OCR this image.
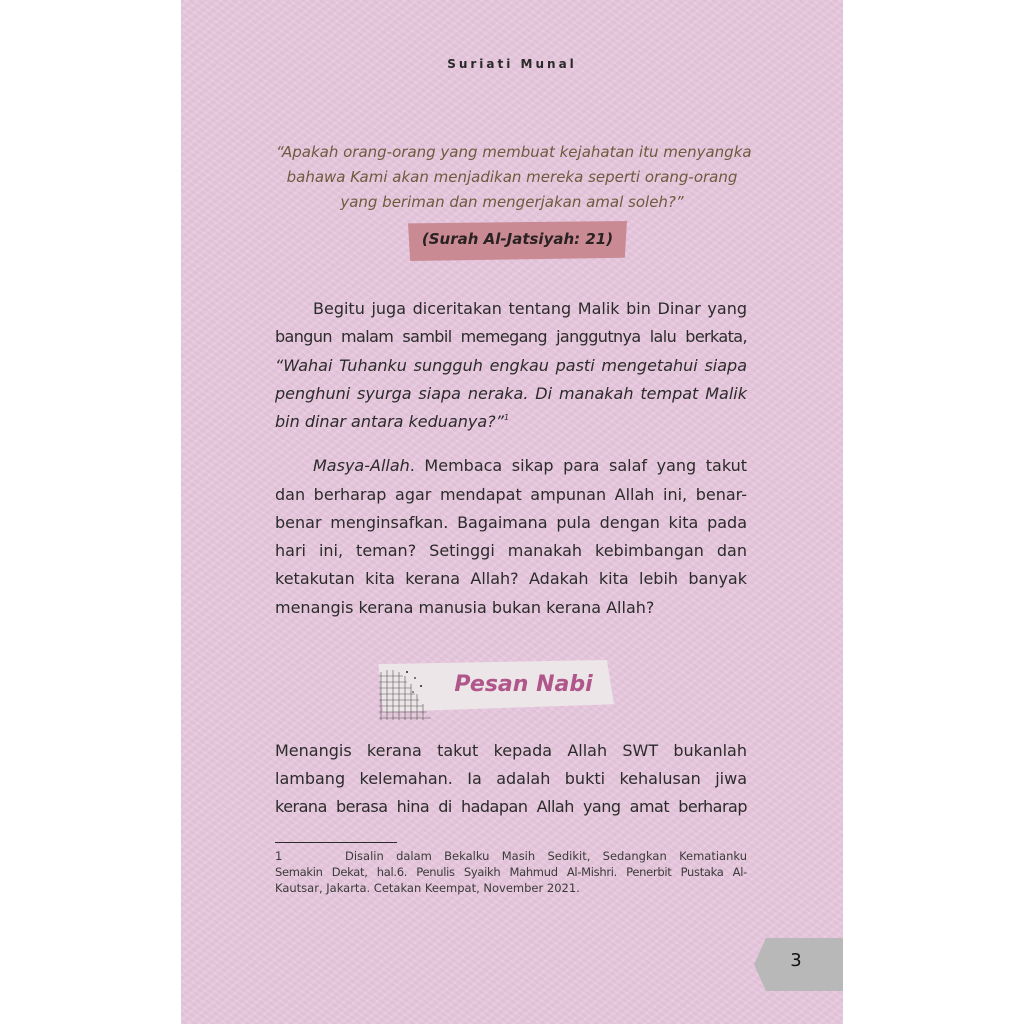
Suriati Munal
“Apakah orang-orang yang membuat kejahatan itu menyangka
bahawa Kami akan menjadikan mereka seperti orang-orang
yang beriman dan mengerjakan amal soleh?”
(Surah Al-Jatsiyah: 21)
Begitu juga diceritakan tentang Malik bin Dinar yang
bangun malam sambil memegang janggutnya lalu berkata,
“Wahai Tuhanku sungguh engkau pasti mengetahui siapa
penghuni syurga siapa neraka. Di manakah tempat Malik
bin dinar antara keduanya?”$^1$
Masya-Allah. Membaca sikap para salaf yang takut
dan berharap agar mendapat ampunan Allah ini, benar-
benar menginsafkan. Bagaimana pula dengan kita pada
hari ini, teman? Setinggi manakah kebimbangan dan
ketakutan kita kerana Allah? Adakah kita lebih banyak
menangis kerana manusia bukan kerana Allah?
Pesan Nabi
Menangis kerana takut kepada Allah SWT bukanlah
lambang kelemahan. Ia adalah bukti kehalusan jiwa
kerana berasa hina di hadapan Allah yang amat berharap
1	Disalin dalam Bekalku Masih Sedikit, Sedangkan Kematianku
Semakin Dekat, hal.6. Penulis Syaikh Mahmud Al-Mishri. Penerbit Pustaka Al-
Kautsar, Jakarta. Cetakan Keempat, November 2021.
3
